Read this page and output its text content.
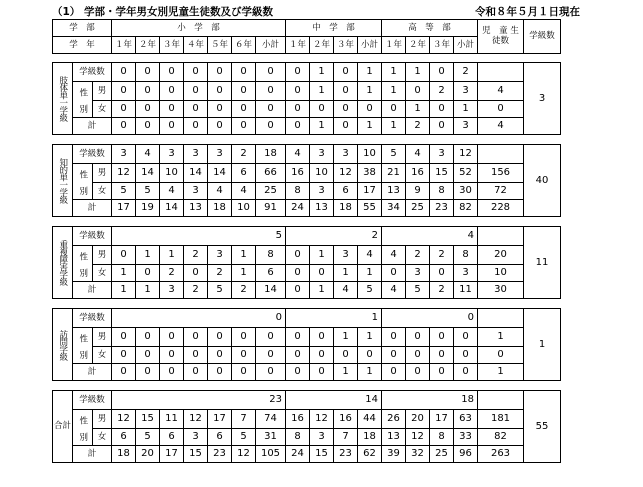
（1） 学部・学年男女別児童生徒数及び学級数	令和８年５月１日現在
学　部			小　学　部							中　学　部				高　等　部				児　童 生徒数	学級数
学　年			１年	２年	３年	４年	５年	６年	小計	１年	２年	３年	小計	１年	２年	３年	小計		

肢体単一学級	学級数		0	0	0	0	0	0	0	0	1	0	1	1	1	0	2		3
	性 別	男	0	0	0	0	0	0	0	0	1	0	1	1	0	2	3	4	
		女	0	0	0	0	0	0	0	0	0	0	0	0	1	0	1	0	
	計		0	0	0	0	0	0	0	0	1	0	1	1	2	0	3	4	

知的単一学級	学級数		3	4	3	3	3	2	18	4	3	3	10	5	4	3	12		40
	性 別	男	12	14	10	14	14	6	66	16	10	12	38	21	16	15	52	156	
		女	5	5	4	3	4	4	25	8	3	6	17	13	9	8	30	72	
	計		17	19	14	13	18	10	91	24	13	18	55	34	25	23	82	228	

重複障害学級	学級数		5							2				4					11
	性 別	男	0	1	1	2	3	1	8	0	1	3	4	4	2	2	8	20	
		女	1	0	2	0	2	1	6	0	0	1	1	0	3	0	3	10	
	計		1	1	3	2	5	2	14	0	1	4	5	4	5	2	11	30	

訪問学級	学級数		0							1				0					1
	性 別	男	0	0	0	0	0	0	0	0	0	1	1	0	0	0	0	1	
		女	0	0	0	0	0	0	0	0	0	0	0	0	0	0	0	0	
	計		0	0	0	0	0	0	0	0	0	1	1	0	0	0	0	1	

合計	学級数		23							14				18					55
	性 別	男	12	15	11	12	17	7	74	16	12	16	44	26	20	17	63	181	
		女	6	5	6	3	6	5	31	8	3	7	18	13	12	8	33	82	
	計		18	20	17	15	23	12	105	24	15	23	62	39	32	25	96	263	
